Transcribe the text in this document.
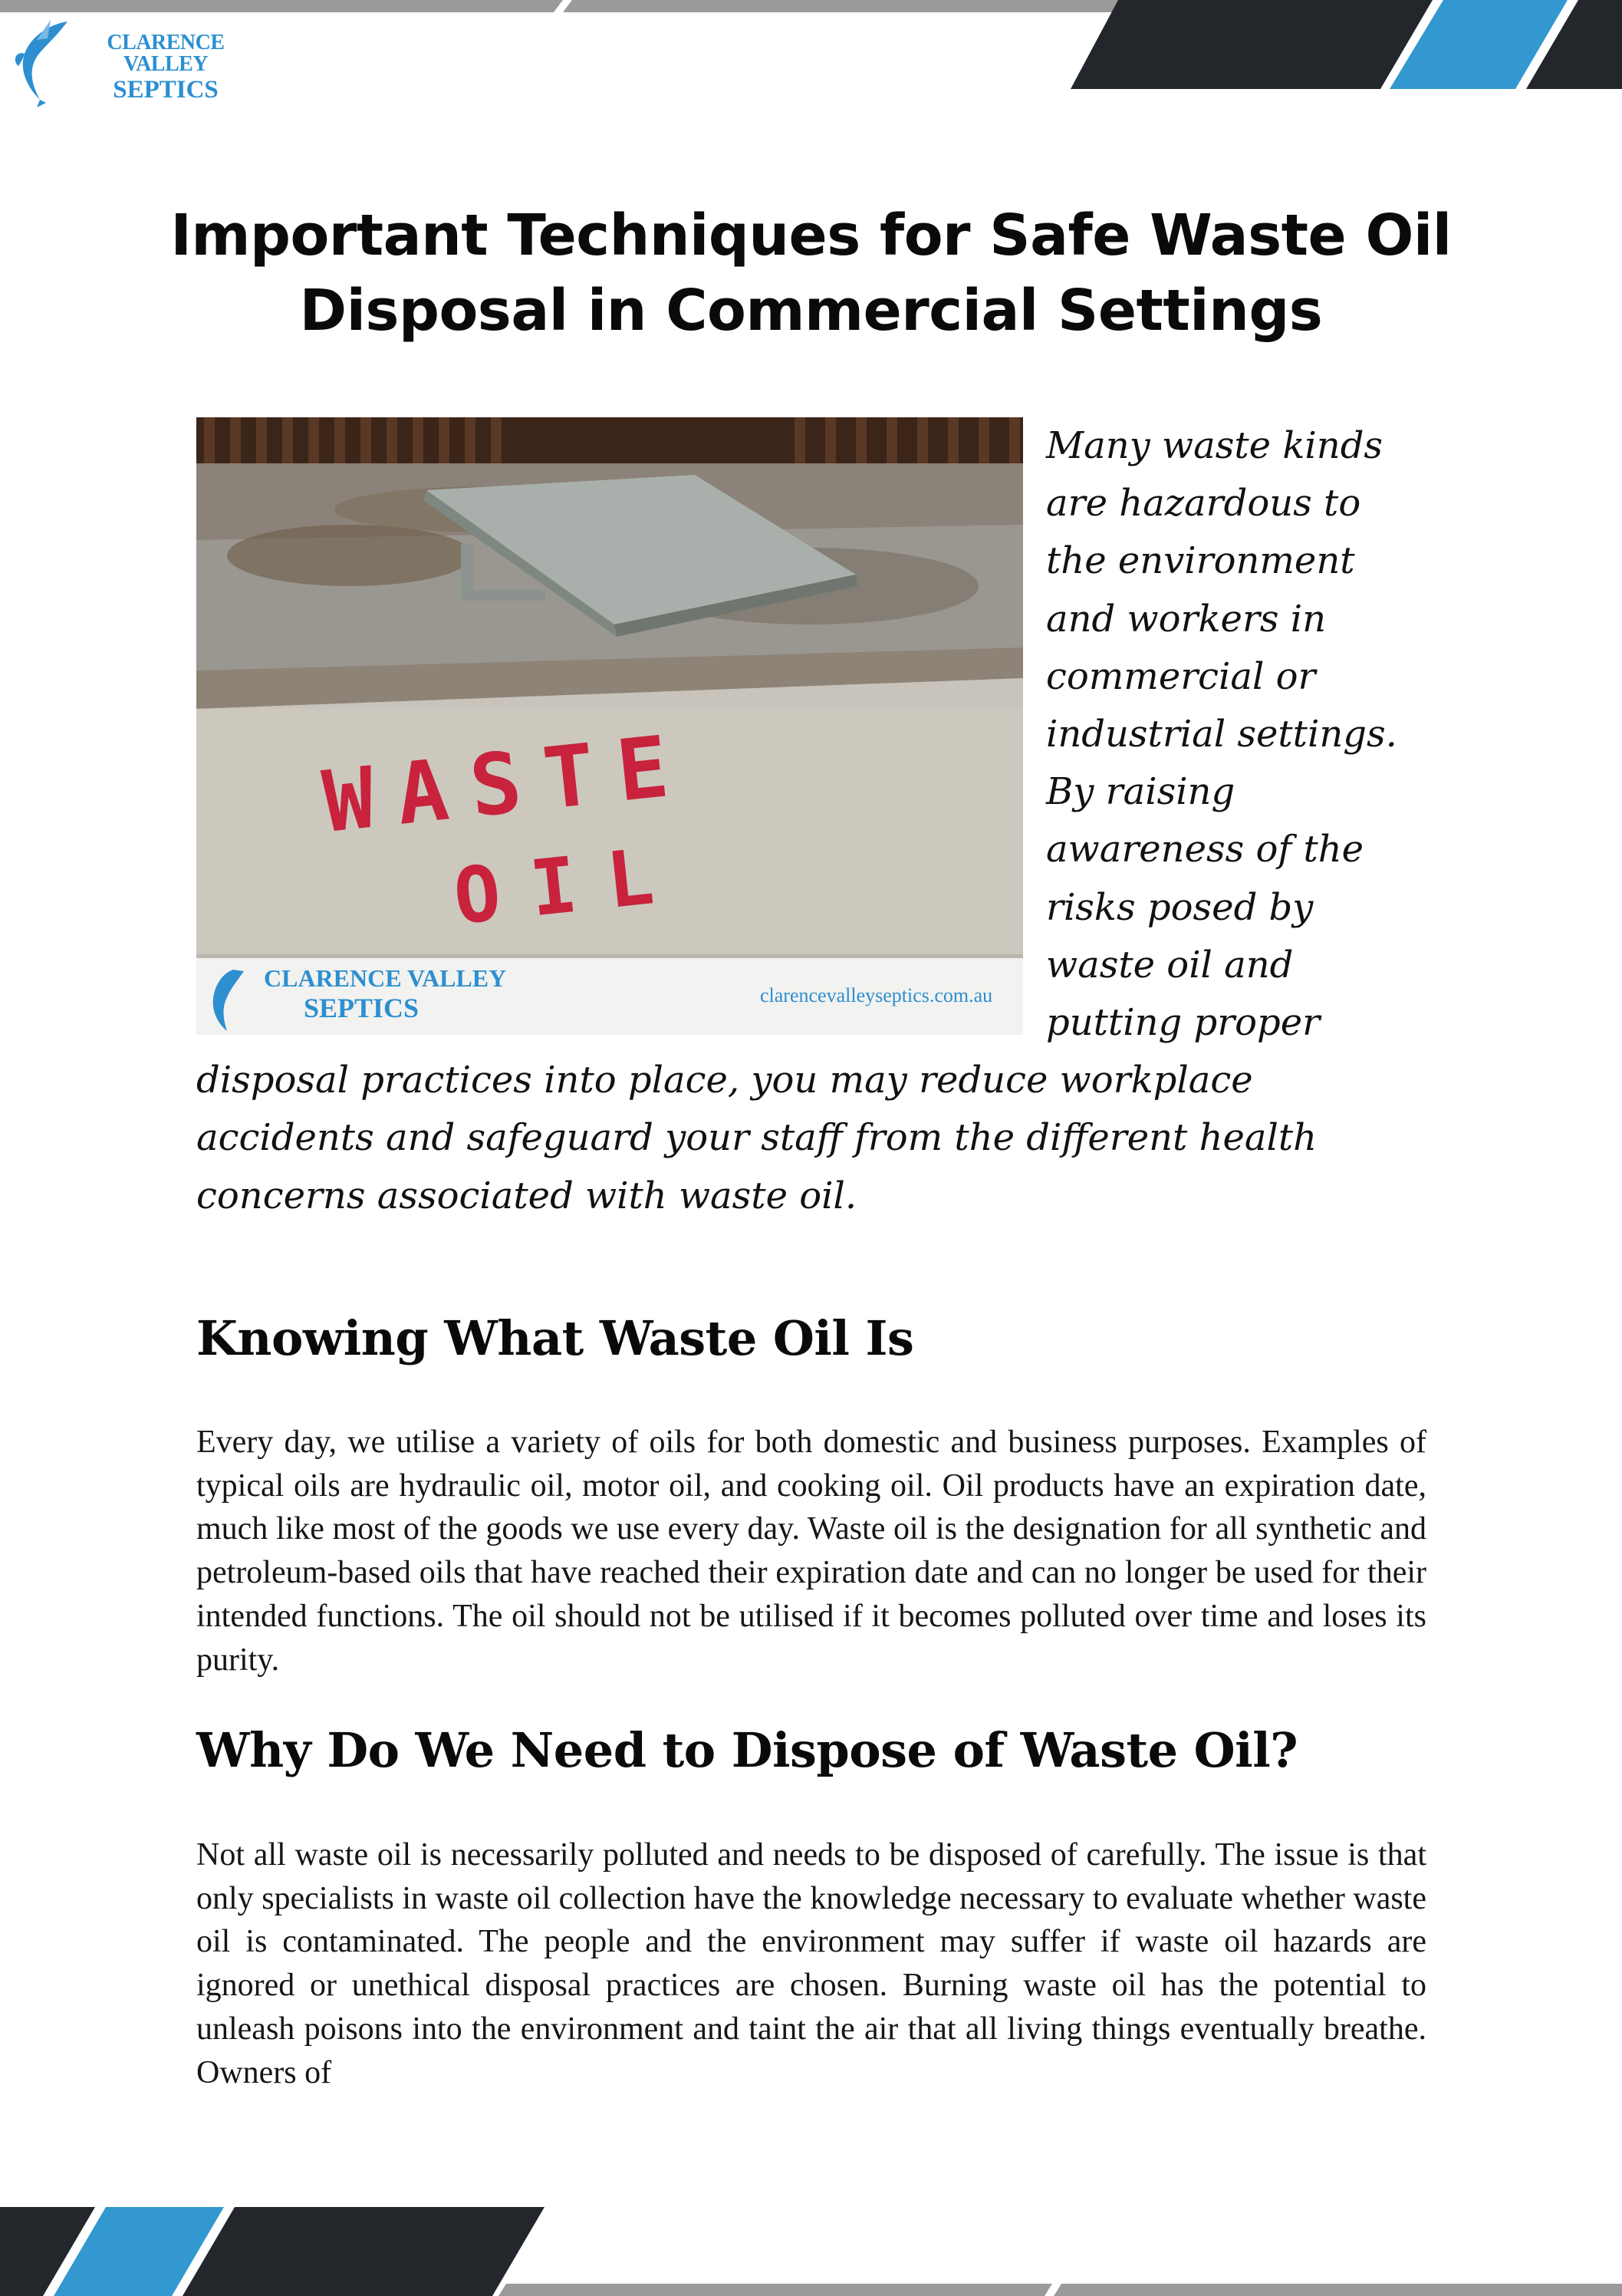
CLARENCE VALLEY
SEPTICS
Important Techniques for Safe Waste Oil Disposal in Commercial Settings
WASTE
OIL
CLARENCE VALLEY
SEPTICS	clarencevalleyseptics.com.au

Many waste kinds are hazardous to the environment and workers in commercial or industrial settings. By raising awareness of the risks posed by waste oil and putting proper disposal practices into place, you may reduce workplace accidents and safeguard your staff from the different health concerns associated with waste oil.

Knowing What Waste Oil Is

Every day, we utilise a variety of oils for both domestic and business purposes. Examples of typical oils are hydraulic oil, motor oil, and cooking oil. Oil products have an expiration date, much like most of the goods we use every day. Waste oil is the designation for all synthetic and petroleum-based oils that have reached their expiration date and can no longer be used for their intended functions. The oil should not be utilised if it becomes polluted over time and loses its purity.

Why Do We Need to Dispose of Waste Oil?

Not all waste oil is necessarily polluted and needs to be disposed of carefully. The issue is that only specialists in waste oil collection have the knowledge necessary to evaluate whether waste oil is contaminated. The people and the environment may suffer if waste oil hazards are ignored or unethical disposal practices are chosen. Burning waste oil has the potential to unleash poisons into the environment and taint the air that all living things eventually breathe. Owners of
